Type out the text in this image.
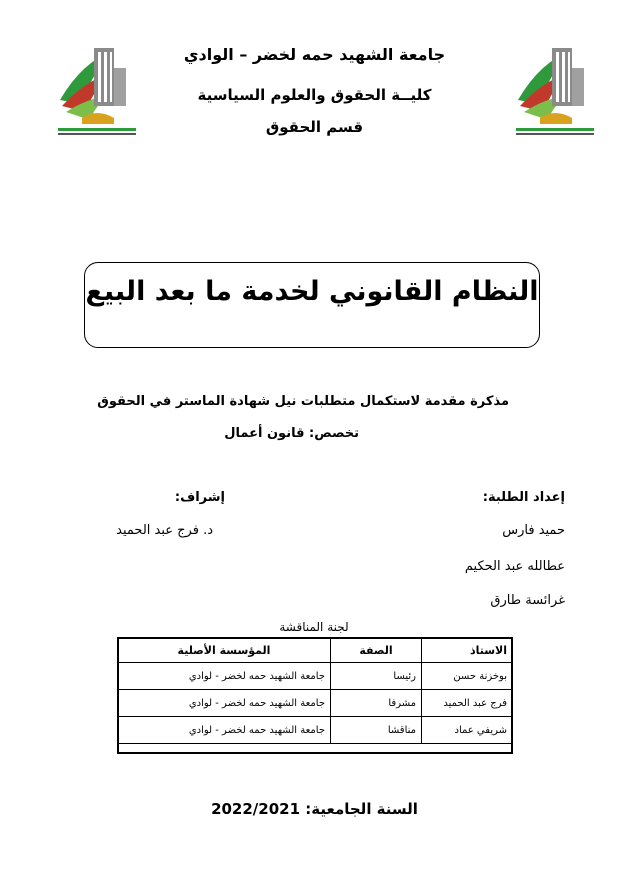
جامعة الشهيد حمه لخضر – الوادي
كليــة الحقوق والعلوم السياسية
قسم الحقوق
النظام القانوني لخدمة ما بعد البيع
مذكرة مقدمة لاستكمال متطلبات نيل شهادة الماستر في الحقوق
تخصص: قانون أعمال
إعداد الطلبة:
إشراف:
حميد فارس
عطالله عبد الحكيم
غرائسة طارق
د. فرج عبد الحميد
لجنة المناقشة
الاستاذ	الصفة	المؤسسة الأصلية
بوخزنة حسن	رئيسا	جامعة الشهيد حمه لخضر - لوادي
فرج عبد الحميد	مشرفا	جامعة الشهيد حمه لخضر - لوادي
شريفي عماد	مناقشا	جامعة الشهيد حمه لخضر - لوادي
السنة الجامعية: 2022/2021
